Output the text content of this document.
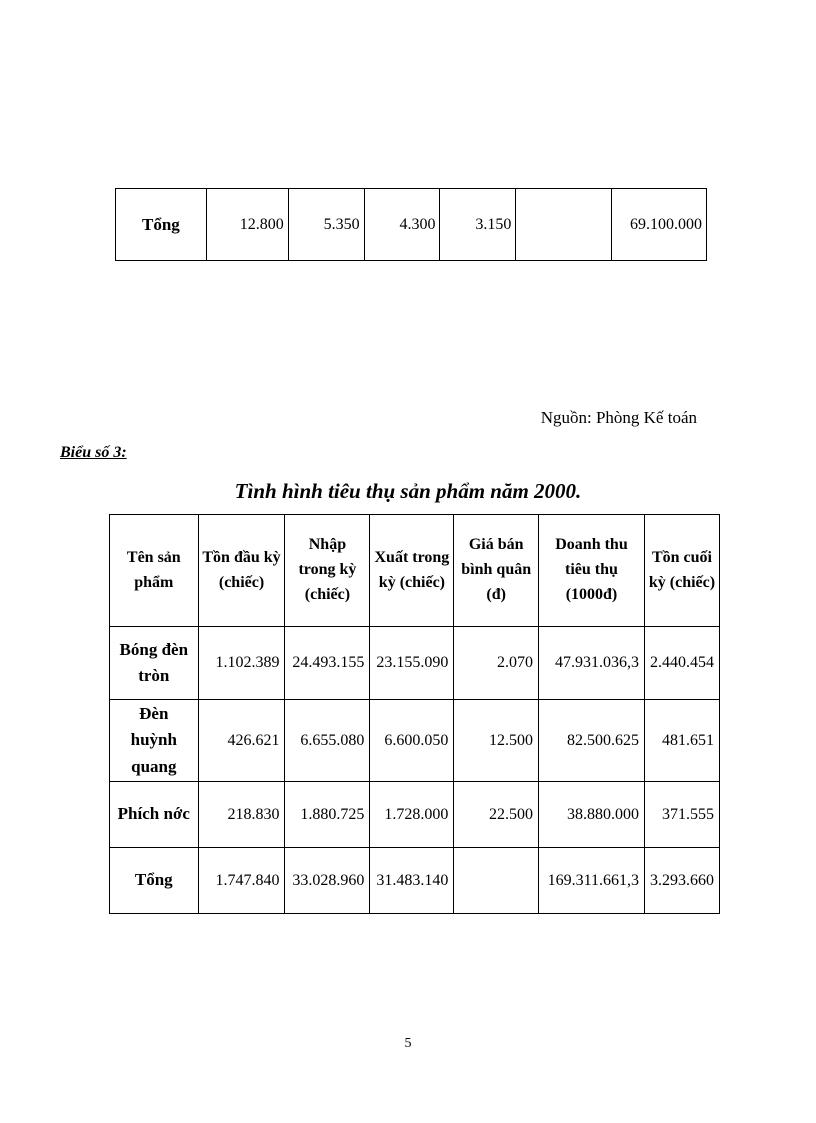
Tổng	12.800	5.350	4.300	3.150		69.100.000
Nguồn: Phòng Kế toán
Biểu số 3:
Tình hình tiêu thụ sản phẩm năm 2000.
Tên sản phẩm	Tồn đầu kỳ (chiếc)	Nhập trong kỳ (chiếc)	Xuất trong kỳ (chiếc)	Giá bán bình quân (đ)	Doanh thu tiêu thụ (1000đ)	Tồn cuối kỳ (chiếc)
Bóng đèn tròn	1.102.389	24.493.155	23.155.090	2.070	47.931.036,3	2.440.454
Đèn huỳnh quang	426.621	6.655.080	6.600.050	12.500	82.500.625	481.651
Phích nớc	218.830	1.880.725	1.728.000	22.500	38.880.000	371.555
Tổng	1.747.840	33.028.960	31.483.140		169.311.661,3	3.293.660
5
